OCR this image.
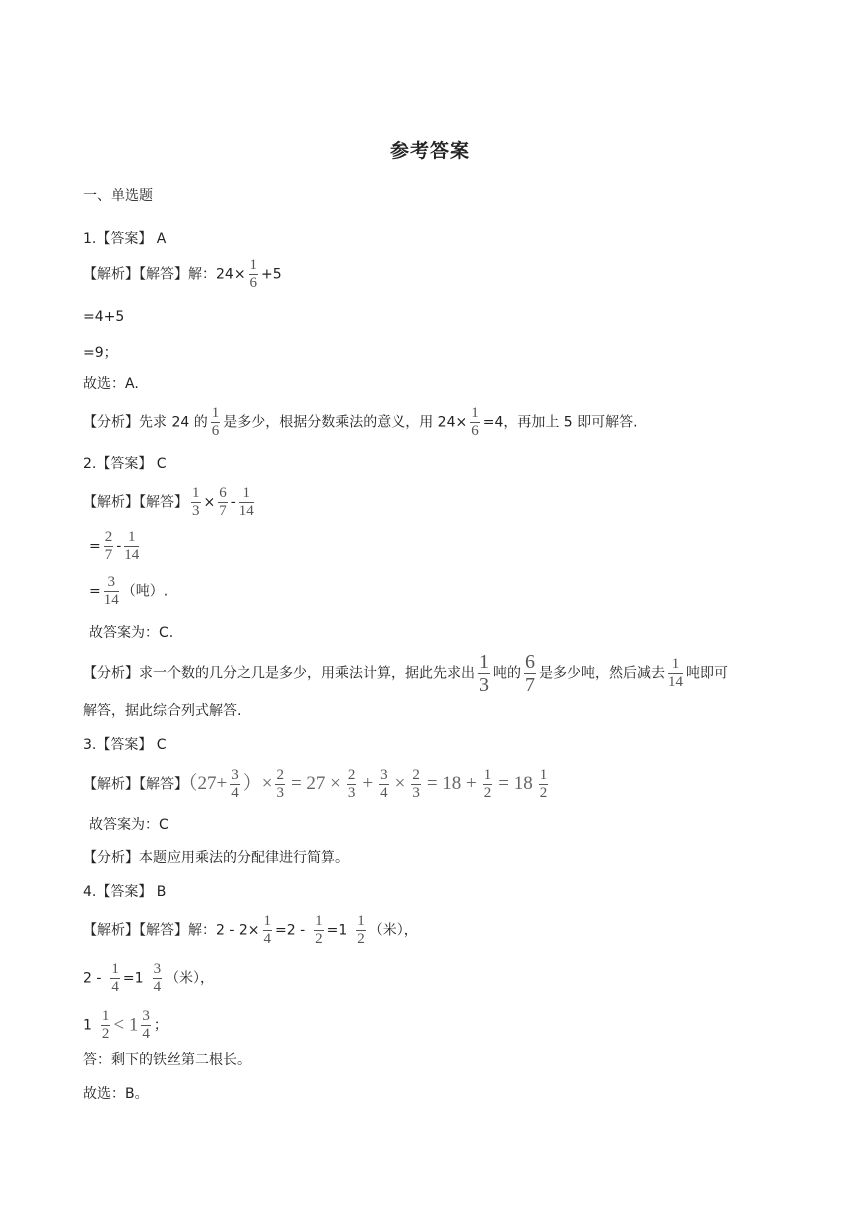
参考答案
一、单选题
1.【答案】 A
【解析】【解答】解：$24\times \frac{1}{6} +5$
=4+5
=9；
故选：A.
【分析】先求 24 的 $\frac{1}{6}$ 是多少，根据分数乘法的意义，用 $24\times \frac{1}{6} =4$，再加上 5 即可解答.
2.【答案】 C
【解析】【解答】 $\frac{1}{3} \times \frac{6}{7} - \frac{1}{14}$
= $\frac{2}{7} - \frac{1}{14}$
= $\frac{3}{14}$ （吨）.
故答案为：C.
【分析】求一个数的几分之几是多少，用乘法计算，据此先求出 $\frac{1}{3}$ 吨的 $\frac{6}{7}$ 是多少吨，然后减去 $\frac{1}{14}$ 吨即可
解答，据此综合列式解答.
3.【答案】 C
【解析】【解答】（$27+ \frac{3}{4}$ ）× $\frac{2}{3} = 27 \times \frac{2}{3} + \frac{3}{4} \times \frac{2}{3} = 18 + \frac{1}{2} = 18 \frac{1}{2}$
故答案为：C
【分析】本题应用乘法的分配律进行简算。
4.【答案】 B
【解析】【解答】解：$2 - 2\times \frac{1}{4} =2 - \frac{1}{2} =1 \frac{1}{2}$ （米），
$2 - \frac{1}{4} =1 \frac{3}{4}$ （米），
$1 \frac{1}{2} < 1 \frac{3}{4}$ ；
答：剩下的铁丝第二根长。
故选：B。
